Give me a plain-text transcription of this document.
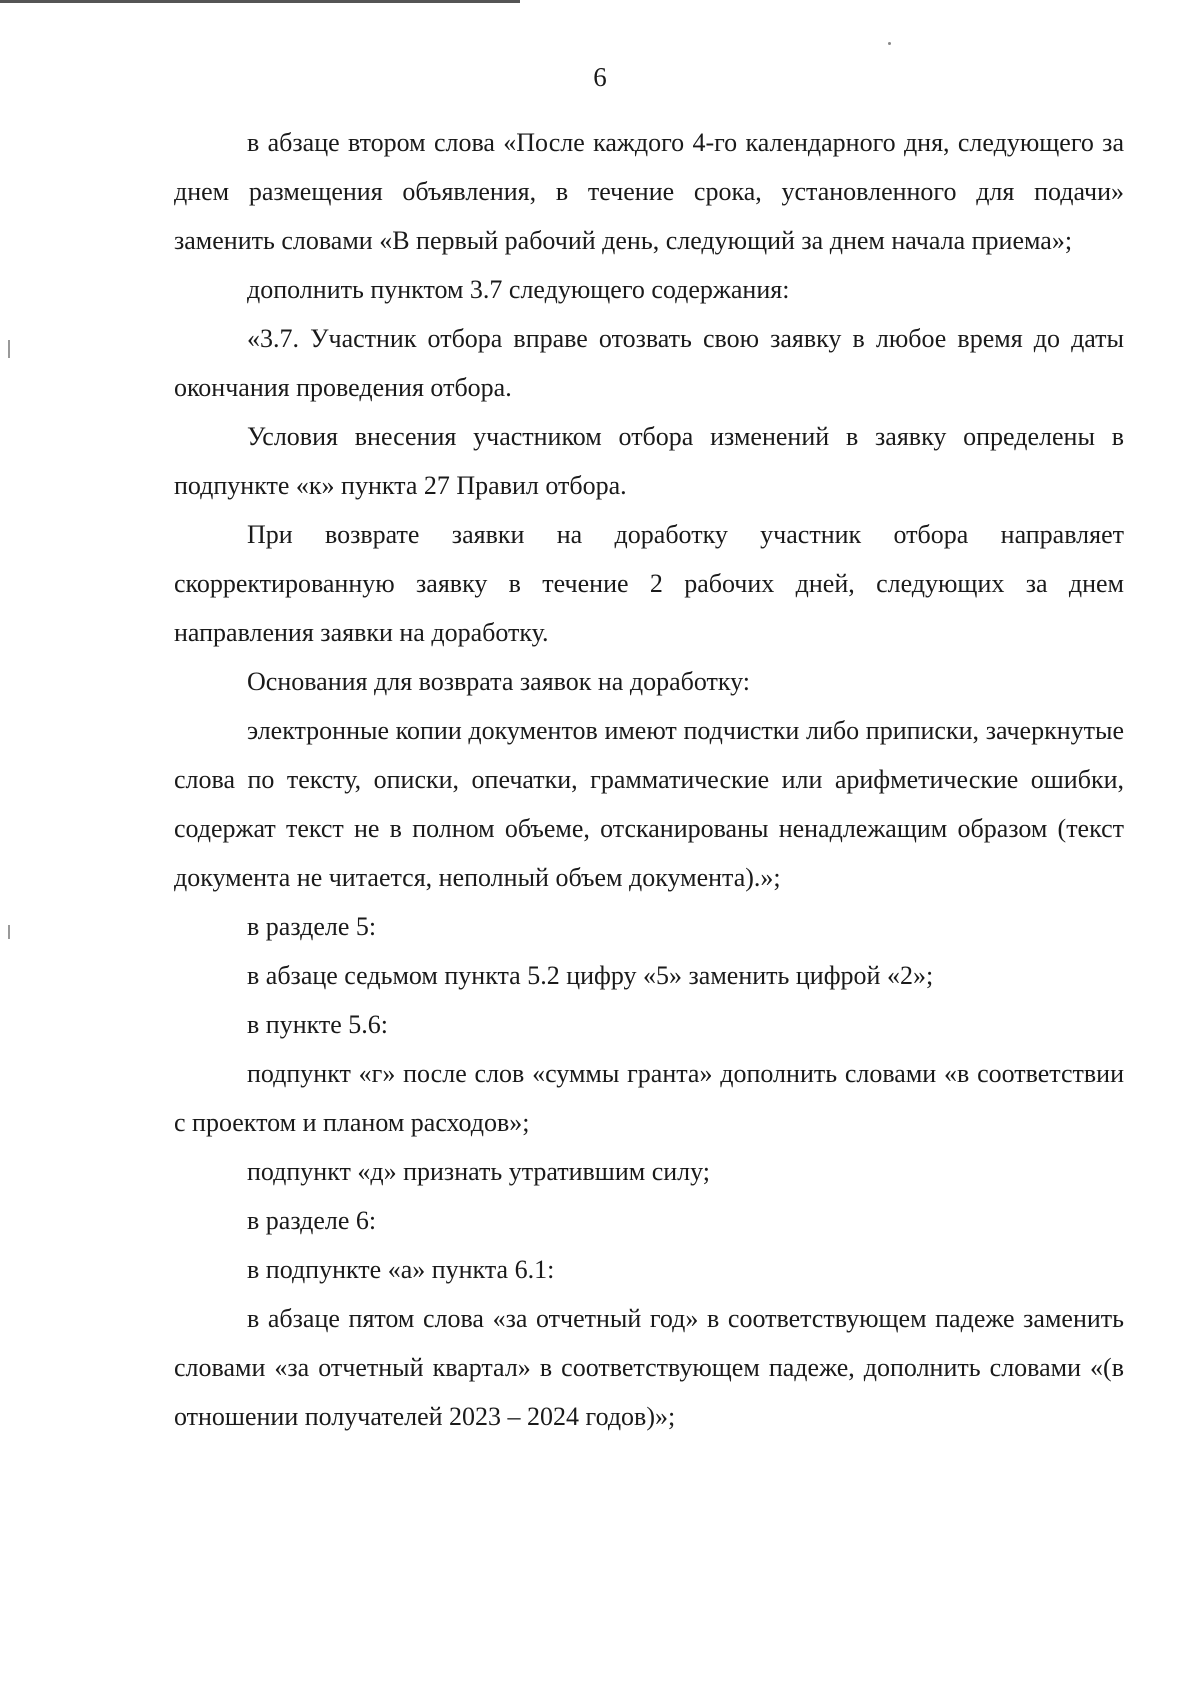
6

в абзаце втором слова «После каждого 4-го календарного дня, следующего за днем размещения объявления, в течение срока, установленного для подачи» заменить словами «В первый рабочий день, следующий за днем начала приема»;

дополнить пунктом 3.7 следующего содержания:

«3.7. Участник отбора вправе отозвать свою заявку в любое время до даты окончания проведения отбора.

Условия внесения участником отбора изменений в заявку определены в подпункте «к» пункта 27 Правил отбора.

При возврате заявки на доработку участник отбора направляет скорректированную заявку в течение 2 рабочих дней, следующих за днем направления заявки на доработку.

Основания для возврата заявок на доработку:

электронные копии документов имеют подчистки либо приписки, зачеркнутые слова по тексту, описки, опечатки, грамматические или арифметические ошибки, содержат текст не в полном объеме, отсканированы ненадлежащим образом (текст документа не читается, неполный объем документа).»;

в разделе 5:

в абзаце седьмом пункта 5.2 цифру «5» заменить цифрой «2»;

в пункте 5.6:

подпункт «г» после слов «суммы гранта» дополнить словами «в соответствии с проектом и планом расходов»;

подпункт «д» признать утратившим силу;

в разделе 6:

в подпункте «а» пункта 6.1:

в абзаце пятом слова «за отчетный год» в соответствующем падеже заменить словами «за отчетный квартал» в соответствующем падеже, дополнить словами «(в отношении получателей 2023 – 2024 годов)»;
